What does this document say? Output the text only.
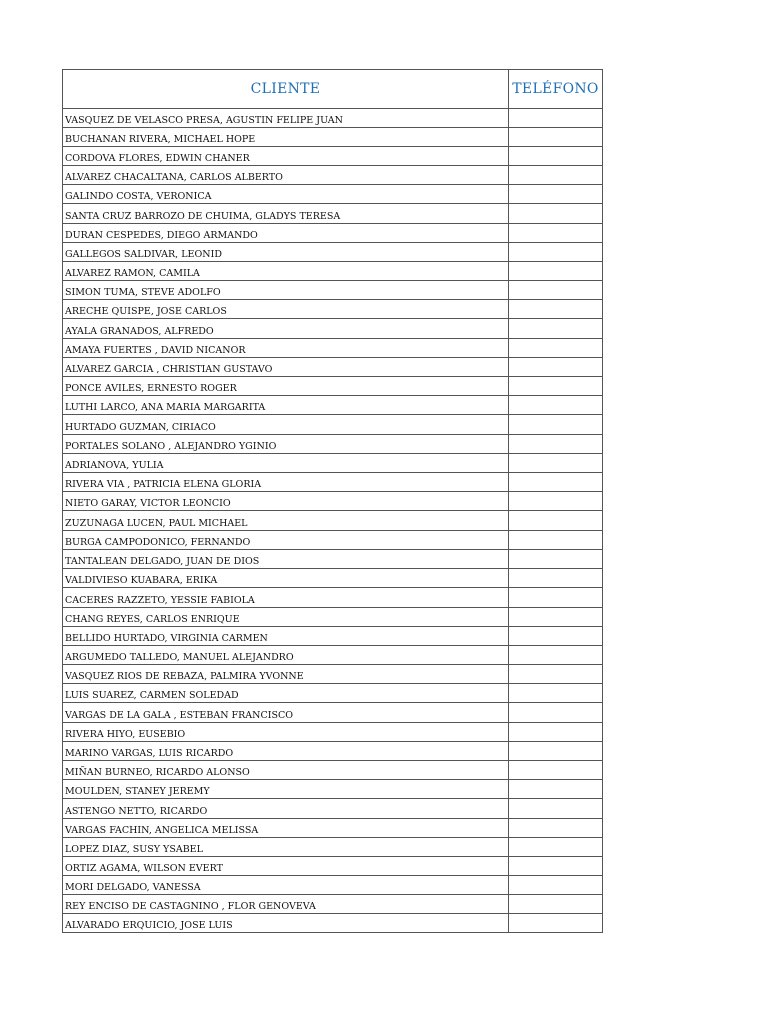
CLIENTE	TELÉFONO
VASQUEZ DE VELASCO PRESA, AGUSTIN FELIPE JUAN	
BUCHANAN RIVERA, MICHAEL HOPE	
CORDOVA FLORES, EDWIN CHANER	
ALVAREZ CHACALTANA, CARLOS ALBERTO	
GALINDO COSTA, VERONICA	
SANTA CRUZ BARROZO DE CHUIMA, GLADYS TERESA	
DURAN CESPEDES, DIEGO ARMANDO	
GALLEGOS SALDIVAR, LEONID	
ALVAREZ RAMON, CAMILA	
SIMON TUMA, STEVE ADOLFO	
ARECHE QUISPE, JOSE CARLOS	
AYALA GRANADOS, ALFREDO	
AMAYA FUERTES , DAVID NICANOR	
ALVAREZ GARCIA , CHRISTIAN GUSTAVO	
PONCE AVILES, ERNESTO ROGER	
LUTHI LARCO, ANA MARIA MARGARITA	
HURTADO GUZMAN, CIRIACO	
PORTALES SOLANO , ALEJANDRO YGINIO	
ADRIANOVA, YULIA	
RIVERA VIA , PATRICIA ELENA GLORIA	
NIETO GARAY, VICTOR LEONCIO	
ZUZUNAGA LUCEN, PAUL MICHAEL	
BURGA CAMPODONICO, FERNANDO	
TANTALEAN DELGADO, JUAN DE DIOS	
VALDIVIESO KUABARA, ERIKA	
CACERES RAZZETO, YESSIE FABIOLA	
CHANG REYES, CARLOS ENRIQUE	
BELLIDO HURTADO, VIRGINIA CARMEN	
ARGUMEDO TALLEDO, MANUEL ALEJANDRO	
VASQUEZ RIOS DE REBAZA, PALMIRA YVONNE	
LUIS SUAREZ, CARMEN SOLEDAD	
VARGAS DE LA GALA , ESTEBAN FRANCISCO	
RIVERA HIYO, EUSEBIO	
MARINO VARGAS, LUIS RICARDO	
MIÑAN BURNEO, RICARDO ALONSO	
MOULDEN, STANEY JEREMY	
ASTENGO NETTO, RICARDO	
VARGAS FACHIN, ANGELICA MELISSA	
LOPEZ DIAZ, SUSY YSABEL	
ORTIZ AGAMA, WILSON EVERT	
MORI DELGADO, VANESSA	
REY ENCISO DE CASTAGNINO , FLOR GENOVEVA	
ALVARADO ERQUICIO, JOSE LUIS	
